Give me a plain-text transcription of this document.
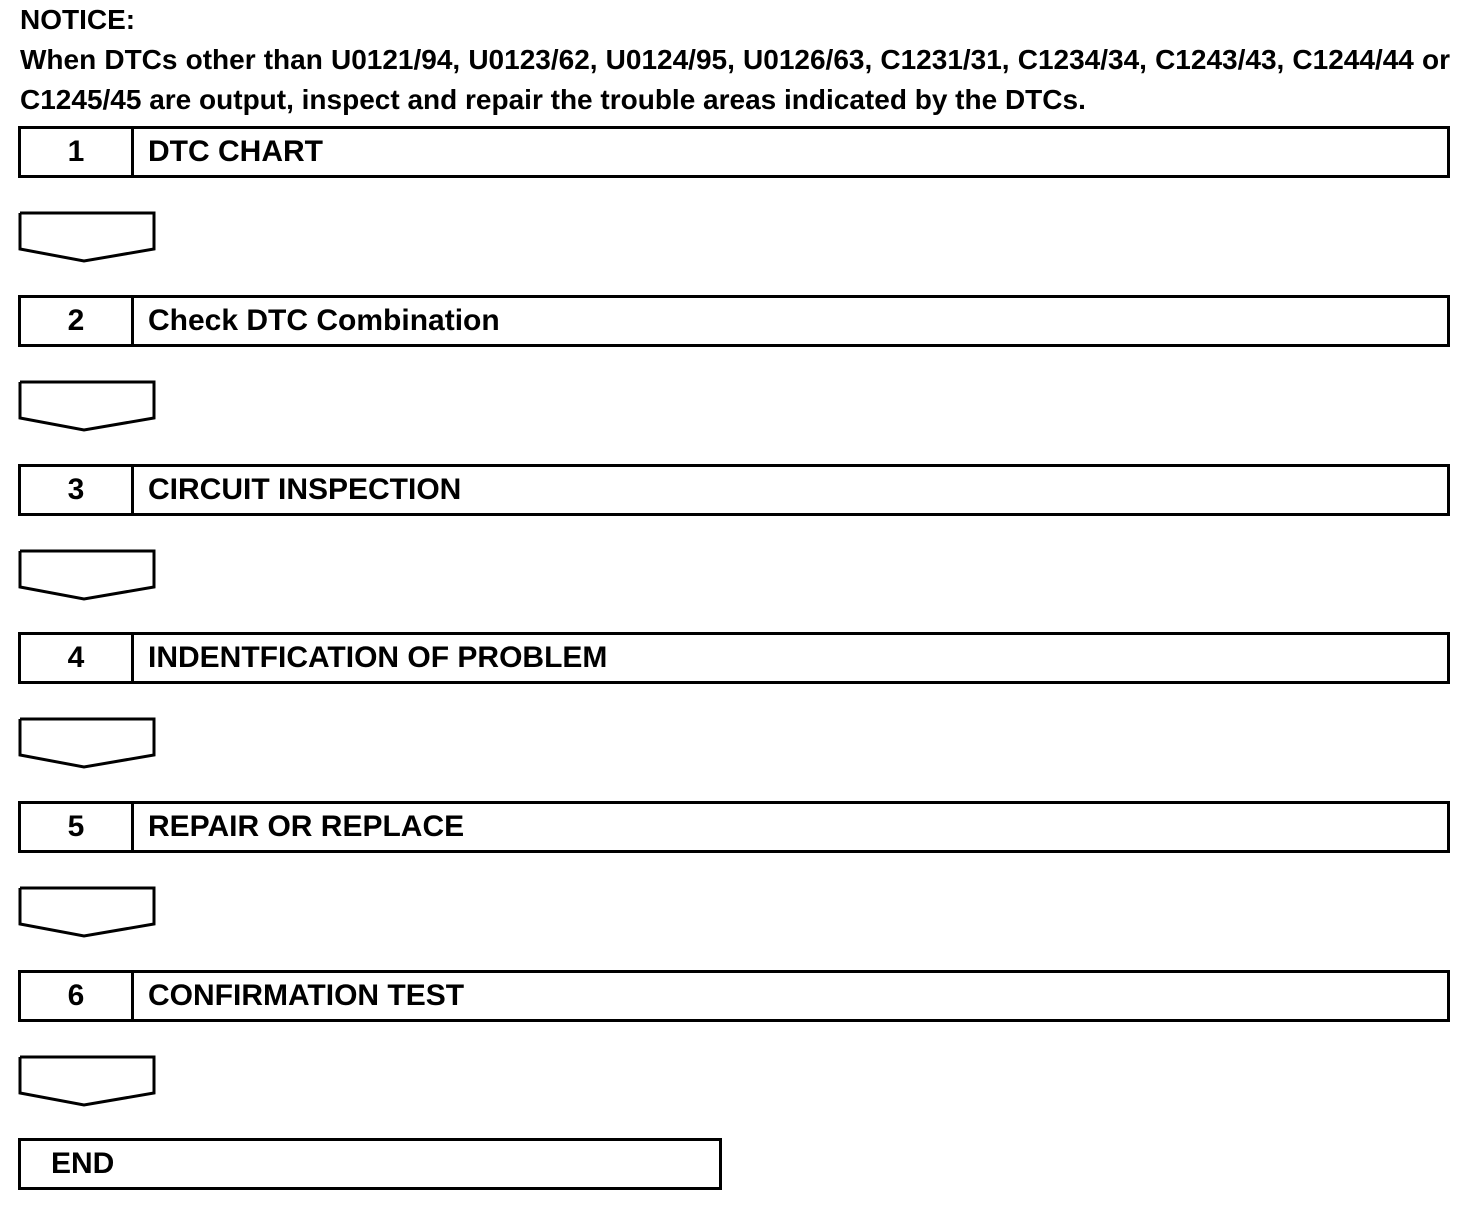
NOTICE:
When DTCs other than U0121/94, U0123/62, U0124/95, U0126/63, C1231/31, C1234/34, C1243/43, C1244/44 or C1245/45 are output, inspect and repair the trouble areas indicated by the DTCs.
1	DTC CHART
2	Check DTC Combination
3	CIRCUIT INSPECTION
4	INDENTFICATION OF PROBLEM
5	REPAIR OR REPLACE
6	CONFIRMATION TEST
END
